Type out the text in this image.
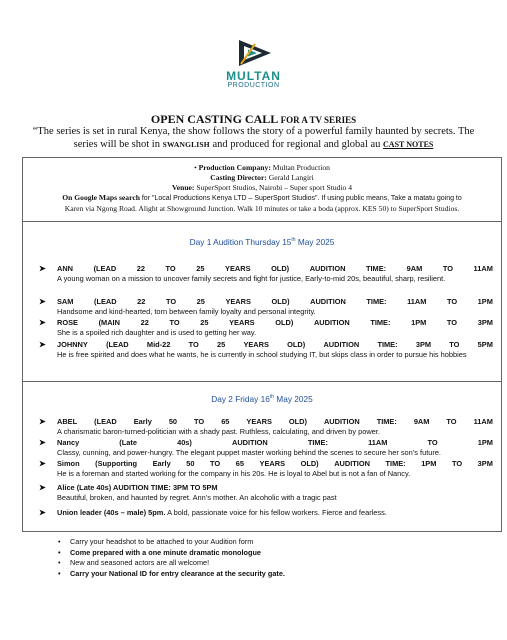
MULTAN
PRODUCTION
OPEN CASTING CALL FOR A TV SERIES
“The series is set in rural Kenya, the show follows the story of a powerful family haunted by secrets. The series will be shot in SWANGLISH and produced for regional and global au CAST NOTES
• Production Company: Multan Production
Casting Director: Gerald Langiri
Venue: SuperSport Studios, Nairobi – Super sport Studio 4
On Google Maps search for "Local Productions Kenya LTD – SuperSport Studios". If using public means, Take a matatu going to
Karen via Ngong Road. Alight at Showground Junction. Walk 10 minutes or take a boda (approx. KES 50) to SuperSport Studios.
Day 1 Audition Thursday 15th May 2025
➤ ANN	(LEAD	22	TO	25	YEARS	OLD)	AUDITION	TIME:	9AM	TO	11AM
A young woman on a mission to uncover family secrets and fight for justice, Early-to-mid 20s, beautiful, sharp, resilient.
➤ SAM	(LEAD	22	TO	25	YEARS	OLD)	AUDITION	TIME:	11AM	TO	1PM
Handsome and kind-hearted, torn between family loyalty and personal integrity.
➤ ROSE	(MAIN	22	TO	25	YEARS	OLD)	AUDITION	TIME:	1PM	TO	3PM
She is a spoiled rich daughter and is used to getting her way.
➤ JOHNNY (LEAD Mid-22 TO 25 YEARS OLD) AUDITION TIME: 3PM TO 5PM
He is free spirited and does what he wants, he is currently in school studying IT, but skips class in order to pursue his hobbies
Day 2 Friday 16th May 2025
➤ ABEL (LEAD Early 50 TO 65 YEARS OLD) AUDITION TIME: 9AM TO 11AM
A charismatic baron-turned-politician with a shady past. Ruthless, calculating, and driven by power.
➤ Nancy	(Late	40s)	AUDITION	TIME:	11AM	TO	1PM
Classy, cunning, and power-hungry. The elegant puppet master working behind the scenes to secure her son’s future.
➤ Simon (Supporting Early 50 TO 65 YEARS OLD) AUDITION TIME: 1PM TO 3PM
He is a foreman and started working for the company in his 20s. He is loyal to Abel but is not a fan of Nancy.
➤ Alice (Late 40s) AUDITION TIME: 3PM TO 5PM
Beautiful, broken, and haunted by regret. Ann’s mother. An alcoholic with a tragic past
➤ Union leader (40s – male) 5pm. A bold, passionate voice for his fellow workers. Fierce and fearless.
• Carry your headshot to be attached to your Audition form
• Come prepared with a one minute dramatic monologue
• New and seasoned actors are all welcome!
• Carry your National ID for entry clearance at the security gate.
